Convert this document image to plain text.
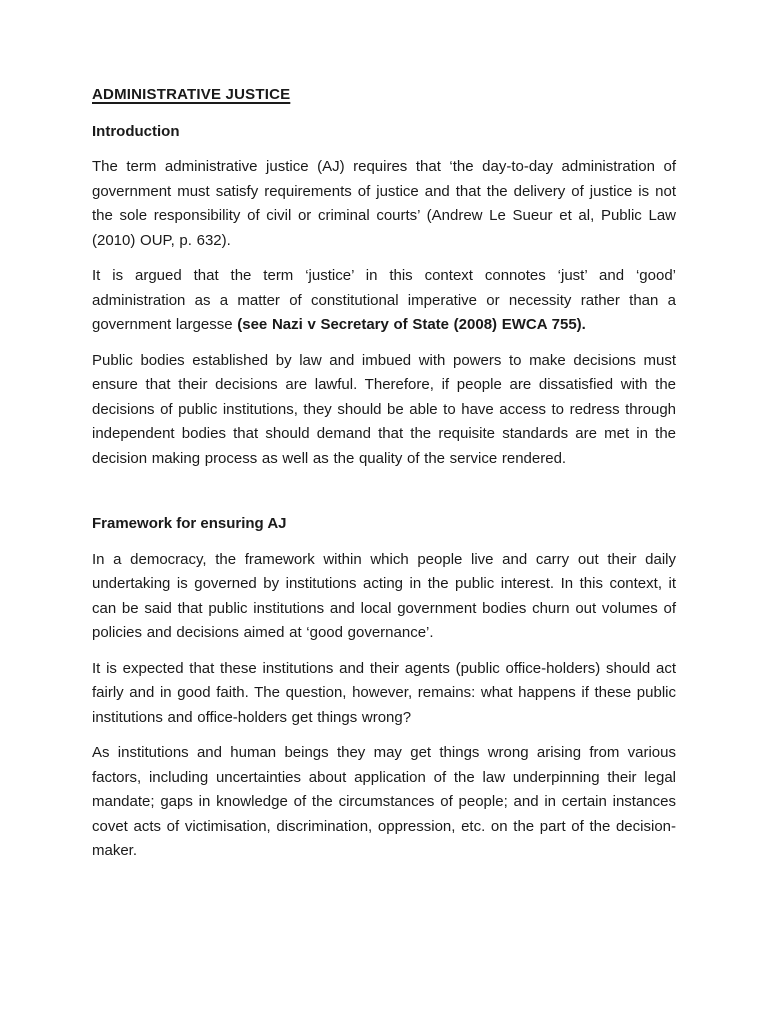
ADMINISTRATIVE JUSTICE
Introduction

The term administrative justice (AJ) requires that ‘the day-to-day administration of government must satisfy requirements of justice and that the delivery of justice is not the sole responsibility of civil or criminal courts’ (Andrew Le Sueur et al, Public Law (2010) OUP, p. 632).

It is argued that the term ‘justice’ in this context connotes ‘just’ and ‘good’ administration as a matter of constitutional imperative or necessity rather than a government largesse (see Nazi v Secretary of State (2008) EWCA 755).

Public bodies established by law and imbued with powers to make decisions must ensure that their decisions are lawful. Therefore, if people are dissatisfied with the decisions of public institutions, they should be able to have access to redress through independent bodies that should demand that the requisite standards are met in the decision making process as well as the quality of the service rendered.

Framework for ensuring AJ

In a democracy, the framework within which people live and carry out their daily undertaking is governed by institutions acting in the public interest. In this context, it can be said that public institutions and local government bodies churn out volumes of policies and decisions aimed at ‘good governance’.

It is expected that these institutions and their agents (public office-holders) should act fairly and in good faith. The question, however, remains: what happens if these public institutions and office-holders get things wrong?

As institutions and human beings they may get things wrong arising from various factors, including uncertainties about application of the law underpinning their legal mandate; gaps in knowledge of the circumstances of people; and in certain instances covet acts of victimisation, discrimination, oppression, etc. on the part of the decision-maker.
